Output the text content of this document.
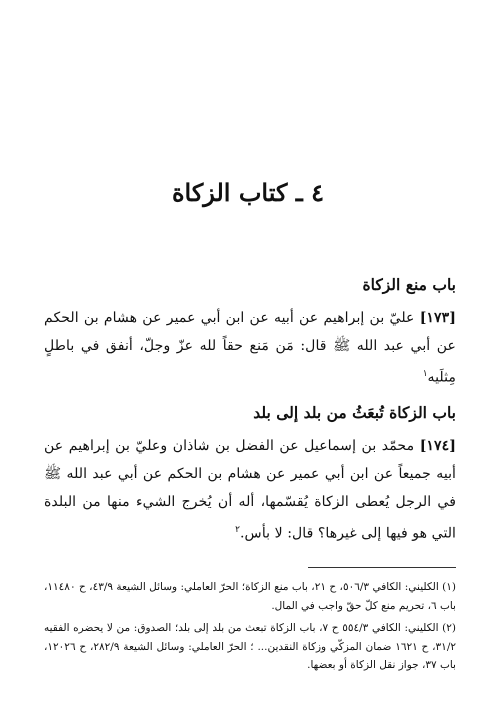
٤ ـ كتاب الزكاة
باب منع الزكاة

[١٧٣] عليّ بن إبراهيم عن أبيه عن ابن أبي عمير عن هشام بن الحكم عن أبي عبد الله ﷺ قال: مَن مَنع حقاً لله عزّ وجلّ، أنفق في باطلٍ مِثلَيه$^١$

باب الزكاة تُبعَثُ من بلد إلى بلد

[١٧٤] محمّد بن إسماعيل عن الفضل بن شاذان وعليّ بن إبراهيم عن أبيه جميعاً عن ابن أبي عمير عن هشام بن الحكم عن أبي عبد الله ﷺ في الرجل يُعطى الزكاة يُقسّمها، أله أن يُخرج الشيء منها من البلدة التي هو فيها إلى غيرها؟ قال: لا بأس.$^٢$

(١) الكليني: الكافي ٥٠٦/٣، ح ٢١، باب منع الزكاة؛ الحرّ العاملي: وسائل الشيعة ٤٣/٩، ح ١١٤٨٠، باب ٦، تحريم منع كلّ حقّ واجب في المال.

(٢) الكليني: الكافي ٥٥٤/٣ ح ٧، باب الزكاة تبعث من بلد إلى بلد؛ الصدوق: من لا يحضره الفقيه ٣١/٢، ح ١٦٢١ ضمان المزكّي وزكاة النقدين... ؛ الحرّ العاملي: وسائل الشيعة ٢٨٢/٩، ح ١٢٠٢٦، باب ٣٧، جواز نقل الزكاة أو بعضها.
